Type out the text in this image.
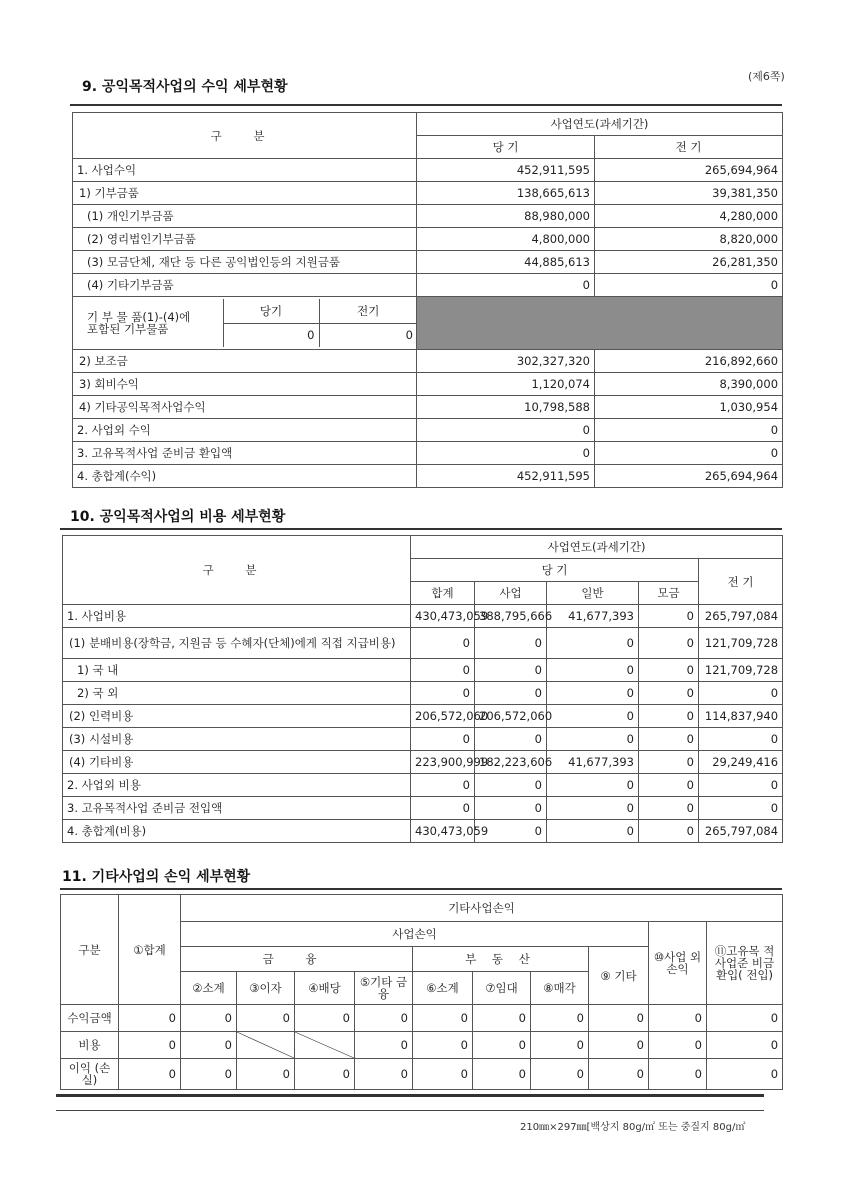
(제6쪽)
9. 공익목적사업의 수익 세부현황
구 분	사업연도(과세기간)
당 기	전 기
1. 사업수익	452,911,595	265,694,964
1) 기부금품	138,665,613	39,381,350
(1) 개인기부금품	88,980,000	4,280,000
(2) 영리법인기부금품	4,800,000	8,820,000
(3) 모금단체, 재단 등 다른 공익법인등의 지원금품	44,885,613	26,281,350
(4) 기타기부금품	0	0

기 부 물 품(1)-(4)에
포함된 기부물품
	당기	전기
0	0

2) 보조금	302,327,320	216,892,660
3) 회비수익	1,120,074	8,390,000
4) 기타공익목적사업수익	10,798,588	1,030,954
2. 사업외 수익	0	0
3. 고유목적사업 준비금 환입액	0	0
4. 총합계(수익)	452,911,595	265,694,964
10. 공익목적사업의 비용 세부현황
구 분	사업연도(과세기간)				
	당 기				전 기
	합계	사업	일반	모금	
1. 사업비용	430,473,059	388,795,666	41,677,393	0	265,797,084
(1) 분배비용(장학금, 지원금 등 수혜자(단체)에게 직접 지급비용)	0	0	0	0	121,709,728
1) 국 내	0	0	0	0	121,709,728
2) 국 외	0	0	0	0	0
(2) 인력비용	206,572,060	206,572,060	0	0	114,837,940
(3) 시설비용	0	0	0	0	0
(4) 기타비용	223,900,999	182,223,606	41,677,393	0	29,249,416
2. 사업외 비용	0	0	0	0	0
3. 고유목적사업 준비금 전입액	0	0	0	0	0
4. 총합계(비용)	430,473,059	0	0	0	265,797,084
11. 기타사업의 손익 세부현황
구분	①합계	기타사업손익									
		사업손익								⑩사업 외손익	⑪고유목 적사업준 비금환입( 전입)
		금 융				부 동 산			⑨ 기타		
		②소계	③이자	④배당	⑤기타 금융	⑥소계	⑦임대	⑧매각			
수익금액	0	0	0	0	0	0	0	0	0	0	0
비용	0	0			0	0	0	0	0	0	0
이익 (손실)	0	0	0	0	0	0	0	0	0	0	0
210㎜×297㎜[백상지 80g/㎡ 또는 중질지 80g/㎡
